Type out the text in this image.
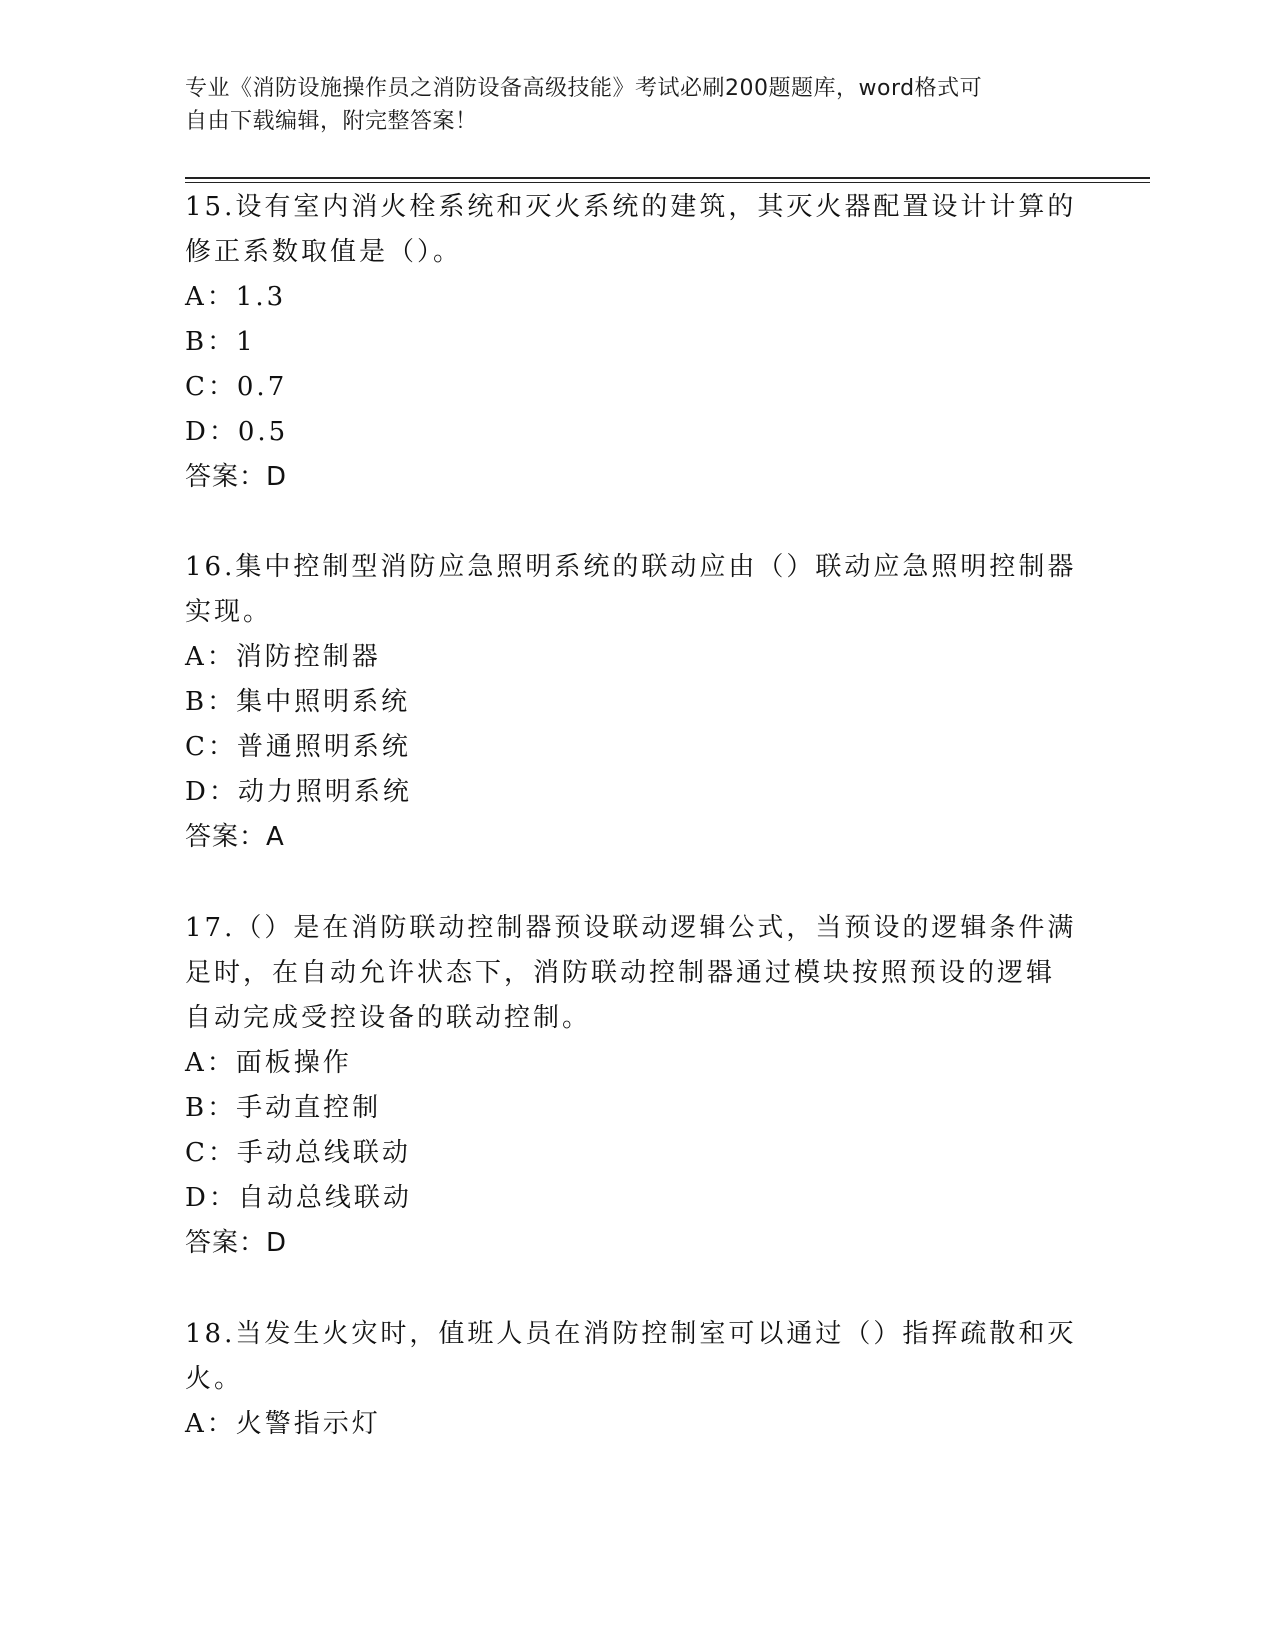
专业《消防设施操作员之消防设备高级技能》考试必刷200题题库，word格式可
自由下载编辑，附完整答案！
15.设有室内消火栓系统和灭火系统的建筑，其灭火器配置设计计算的
修正系数取值是（）。
A：1.3
B：1
C：0.7
D：0.5
答案：D
16.集中控制型消防应急照明系统的联动应由（）联动应急照明控制器
实现。
A：消防控制器
B：集中照明系统
C：普通照明系统
D：动力照明系统
答案：A
17.（）是在消防联动控制器预设联动逻辑公式，当预设的逻辑条件满
足时，在自动允许状态下，消防联动控制器通过模块按照预设的逻辑
自动完成受控设备的联动控制。
A：面板操作
B：手动直控制
C：手动总线联动
D：自动总线联动
答案：D
18.当发生火灾时，值班人员在消防控制室可以通过（）指挥疏散和灭
火。
A：火警指示灯
